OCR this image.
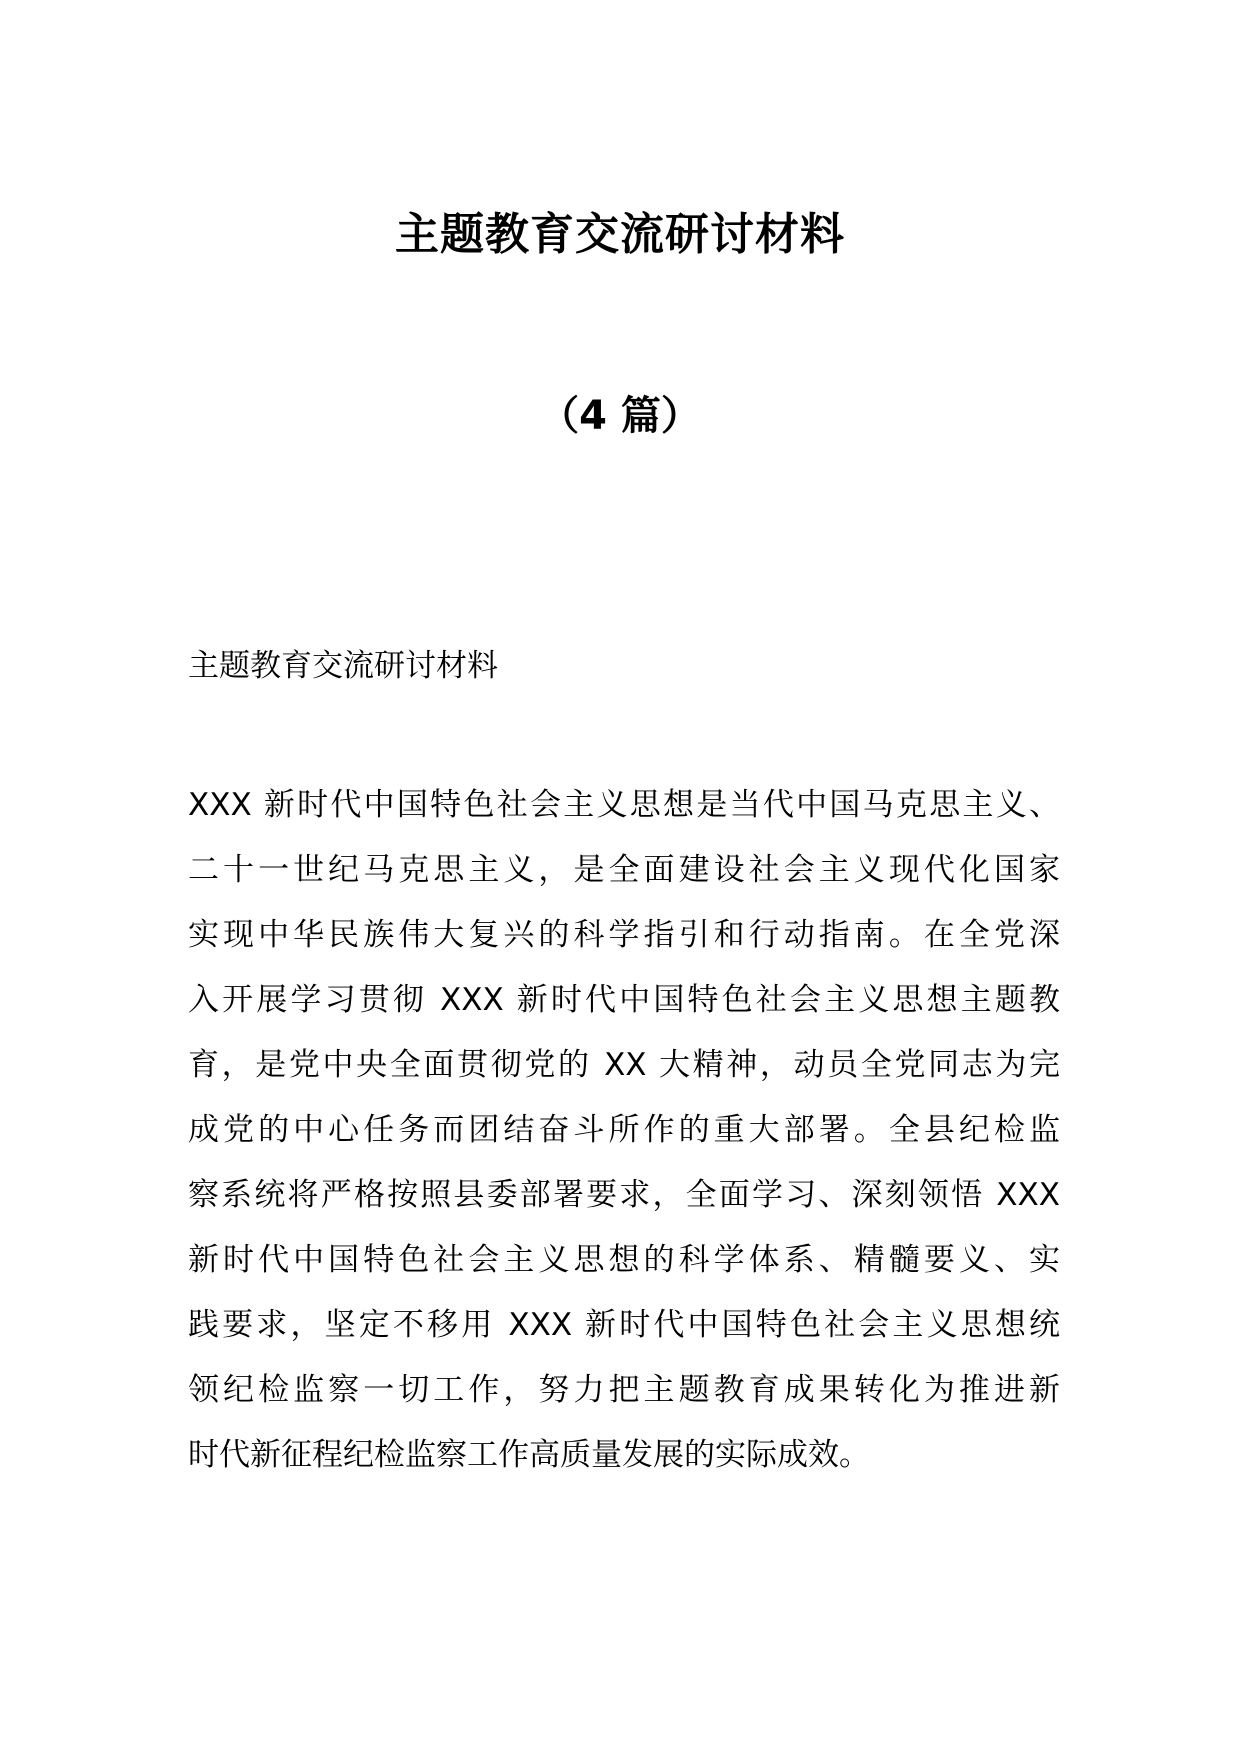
主题教育交流研讨材料
（4 篇）
主题教育交流研讨材料
XXX 新时代中国特色社会主义思想是当代中国马克思主义、
二十一世纪马克思主义，是全面建设社会主义现代化国家
实现中华民族伟大复兴的科学指引和行动指南。在全党深
入开展学习贯彻 XXX 新时代中国特色社会主义思想主题教
育，是党中央全面贯彻党的 XX 大精神，动员全党同志为完
成党的中心任务而团结奋斗所作的重大部署。全县纪检监
察系统将严格按照县委部署要求，全面学习、深刻领悟 XXX
新时代中国特色社会主义思想的科学体系、精髓要义、实
践要求，坚定不移用 XXX 新时代中国特色社会主义思想统
领纪检监察一切工作，努力把主题教育成果转化为推进新
时代新征程纪检监察工作高质量发展的实际成效。
